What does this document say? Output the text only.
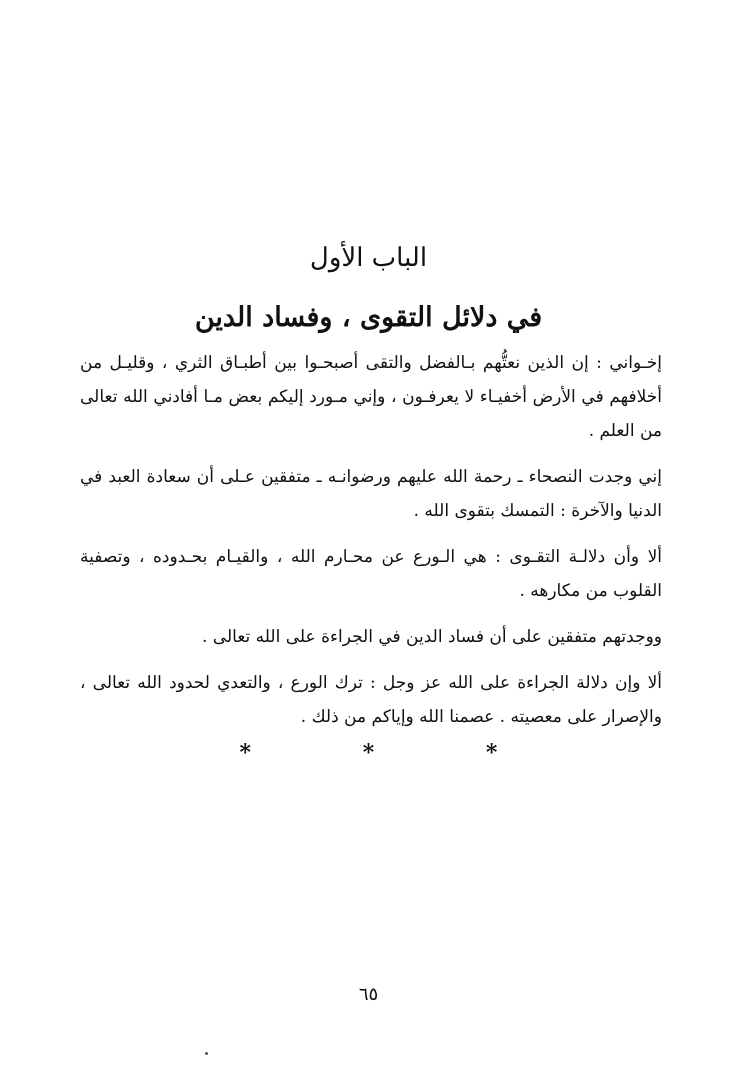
الباب الأول
في دلائل التقوى ، وفساد الدين

إخـواني : إن الذين نعتُّهم بـالفضل والتقى أصبحـوا بين أطبـاق الثري ، وقليـل من أخلافهم في الأرض أخفيـاء لا يعرفـون ، وإني مـورد إليكم بعض مـا أفادني الله تعالى من العلم .

إني وجدت النصحاء ـ رحمة الله عليهم ورضوانـه ـ متفقين عـلى أن سعادة العبد في الدنيا والآخرة : التمسك بتقوى الله .

ألا وأن دلالـة التقـوى : هي الـورع عن محـارم الله ، والقيـام بحـدوده ، وتصفية القلوب من مكارهه .

ووجدتهم متفقين على أن فساد الدين في الجراءة على الله تعالى .

ألا وإن دلالة الجراءة على الله عز وجل : ترك الورع ، والتعدي لحدود الله تعالى ، والإصرار على معصيته . عصمنا الله وإياكم من ذلك .

* * *
٦٥
